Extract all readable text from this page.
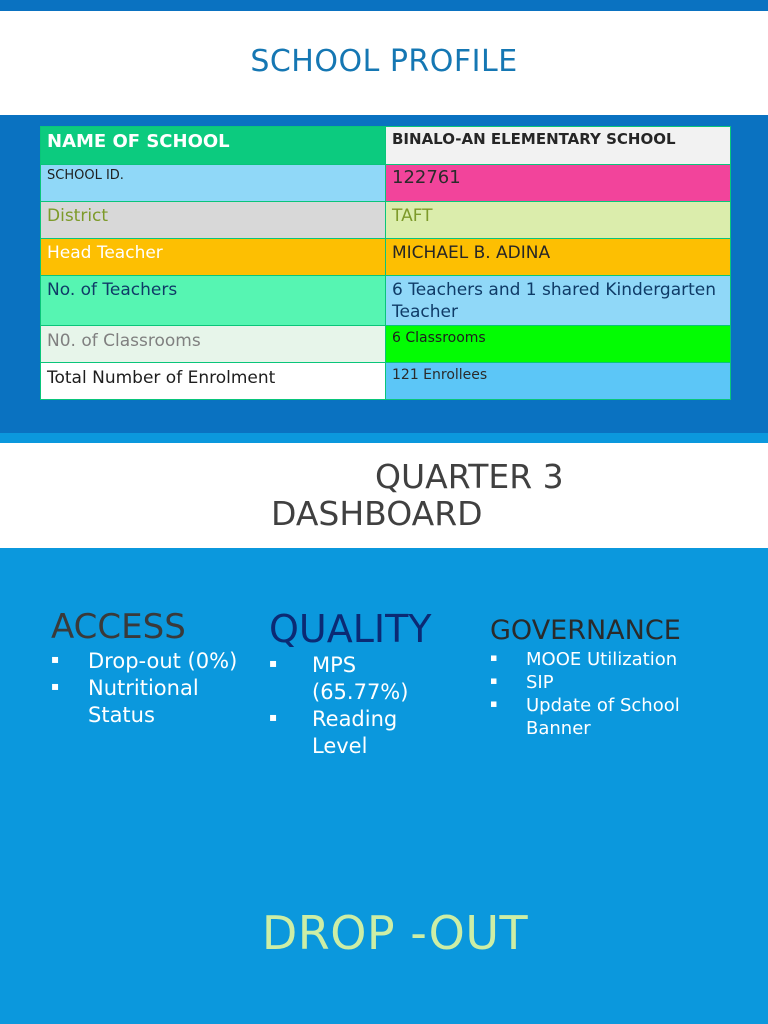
SCHOOL PROFILE
NAME OF SCHOOL	BINALO-AN ELEMENTARY SCHOOL
SCHOOL ID.	122761
District	TAFT
Head Teacher	MICHAEL B. ADINA
No. of Teachers	6 Teachers and 1 shared Kindergarten Teacher
N0. of Classrooms	6 Classrooms
Total Number of Enrolment	121 Enrollees
QUARTER 3
DASHBOARD
ACCESS
▪ Drop-out (0%)
▪ Nutritional Status
QUALITY
▪ MPS (65.77%)
▪ Reading Level
GOVERNANCE
▪ MOOE Utilization
▪ SIP
▪ Update of School Banner
DROP -OUT
